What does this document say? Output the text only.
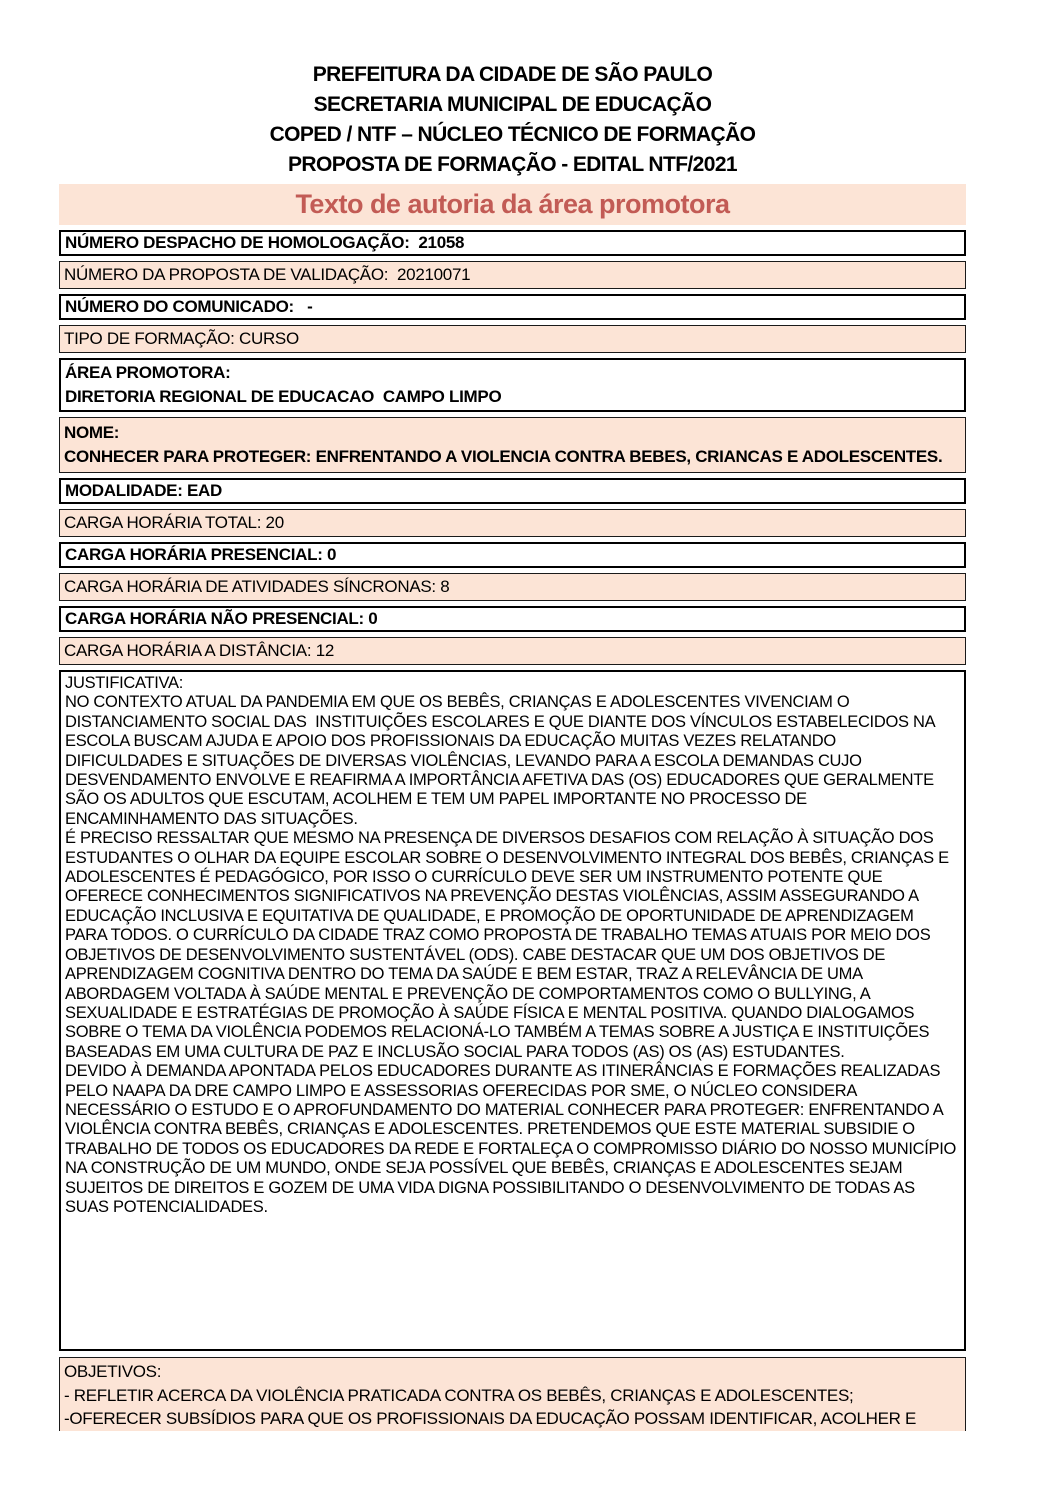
PREFEITURA DA CIDADE DE SÃO PAULO
SECRETARIA MUNICIPAL DE EDUCAÇÃO
COPED / NTF – NÚCLEO TÉCNICO DE FORMAÇÃO
PROPOSTA DE FORMAÇÃO - EDITAL NTF/2021
Texto de autoria da área promotora
NÚMERO DESPACHO DE HOMOLOGAÇÃO:  21058
NÚMERO DA PROPOSTA DE VALIDAÇÃO:  20210071
NÚMERO DO COMUNICADO:   -
TIPO DE FORMAÇÃO: CURSO
ÁREA PROMOTORA:
DIRETORIA REGIONAL DE EDUCACAO  CAMPO LIMPO
NOME:
CONHECER PARA PROTEGER: ENFRENTANDO A VIOLENCIA CONTRA BEBES, CRIANCAS E ADOLESCENTES.
MODALIDADE: EAD
CARGA HORÁRIA TOTAL: 20
CARGA HORÁRIA PRESENCIAL: 0
CARGA HORÁRIA DE ATIVIDADES SÍNCRONAS: 8
CARGA HORÁRIA NÃO PRESENCIAL: 0
CARGA HORÁRIA A DISTÂNCIA: 12
JUSTIFICATIVA:

NO CONTEXTO ATUAL DA PANDEMIA EM QUE OS BEBÊS, CRIANÇAS E ADOLESCENTES VIVENCIAM O DISTANCIAMENTO SOCIAL DAS  INSTITUIÇÕES ESCOLARES E QUE DIANTE DOS VÍNCULOS ESTABELECIDOS NA ESCOLA BUSCAM AJUDA E APOIO DOS PROFISSIONAIS DA EDUCAÇÃO MUITAS VEZES RELATANDO DIFICULDADES E SITUAÇÕES DE DIVERSAS VIOLÊNCIAS, LEVANDO PARA A ESCOLA DEMANDAS CUJO DESVENDAMENTO ENVOLVE E REAFIRMA A IMPORTÂNCIA AFETIVA DAS (OS) EDUCADORES QUE GERALMENTE SÃO OS ADULTOS QUE ESCUTAM, ACOLHEM E TEM UM PAPEL IMPORTANTE NO PROCESSO DE ENCAMINHAMENTO DAS SITUAÇÕES.

É PRECISO RESSALTAR QUE MESMO NA PRESENÇA DE DIVERSOS DESAFIOS COM RELAÇÃO À SITUAÇÃO DOS ESTUDANTES O OLHAR DA EQUIPE ESCOLAR SOBRE O DESENVOLVIMENTO INTEGRAL DOS BEBÊS, CRIANÇAS E ADOLESCENTES É PEDAGÓGICO, POR ISSO O CURRÍCULO DEVE SER UM INSTRUMENTO POTENTE QUE OFERECE CONHECIMENTOS SIGNIFICATIVOS NA PREVENÇÃO DESTAS VIOLÊNCIAS, ASSIM ASSEGURANDO A EDUCAÇÃO INCLUSIVA E EQUITATIVA DE QUALIDADE, E PROMOÇÃO DE OPORTUNIDADE DE APRENDIZAGEM PARA TODOS. O CURRÍCULO DA CIDADE TRAZ COMO PROPOSTA DE TRABALHO TEMAS ATUAIS POR MEIO DOS OBJETIVOS DE DESENVOLVIMENTO SUSTENTÁVEL (ODS). CABE DESTACAR QUE UM DOS OBJETIVOS DE APRENDIZAGEM COGNITIVA DENTRO DO TEMA DA SAÚDE E BEM ESTAR, TRAZ A RELEVÂNCIA DE UMA ABORDAGEM VOLTADA À SAÚDE MENTAL E PREVENÇÃO DE COMPORTAMENTOS COMO O BULLYING, A SEXUALIDADE E ESTRATÉGIAS DE PROMOÇÃO À SAÚDE FÍSICA E MENTAL POSITIVA. QUANDO DIALOGAMOS SOBRE O TEMA DA VIOLÊNCIA PODEMOS RELACIONÁ-LO TAMBÉM A TEMAS SOBRE A JUSTIÇA E INSTITUIÇÕES BASEADAS EM UMA CULTURA DE PAZ E INCLUSÃO SOCIAL PARA TODOS (AS) OS (AS) ESTUDANTES.

DEVIDO À DEMANDA APONTADA PELOS EDUCADORES DURANTE AS ITINERÂNCIAS E FORMAÇÕES REALIZADAS PELO NAAPA DA DRE CAMPO LIMPO E ASSESSORIAS OFERECIDAS POR SME, O NÚCLEO CONSIDERA NECESSÁRIO O ESTUDO E O APROFUNDAMENTO DO MATERIAL CONHECER PARA PROTEGER: ENFRENTANDO A VIOLÊNCIA CONTRA BEBÊS, CRIANÇAS E ADOLESCENTES. PRETENDEMOS QUE ESTE MATERIAL SUBSIDIE O TRABALHO DE TODOS OS EDUCADORES DA REDE E FORTALEÇA O COMPROMISSO DIÁRIO DO NOSSO MUNICÍPIO NA CONSTRUÇÃO DE UM MUNDO, ONDE SEJA POSSÍVEL QUE BEBÊS, CRIANÇAS E ADOLESCENTES SEJAM SUJEITOS DE DIREITOS E GOZEM DE UMA VIDA DIGNA POSSIBILITANDO O DESENVOLVIMENTO DE TODAS AS SUAS POTENCIALIDADES.

OBJETIVOS:
- REFLETIR ACERCA DA VIOLÊNCIA PRATICADA CONTRA OS BEBÊS, CRIANÇAS E ADOLESCENTES;
-OFERECER SUBSÍDIOS PARA QUE OS PROFISSIONAIS DA EDUCAÇÃO POSSAM IDENTIFICAR, ACOLHER E
